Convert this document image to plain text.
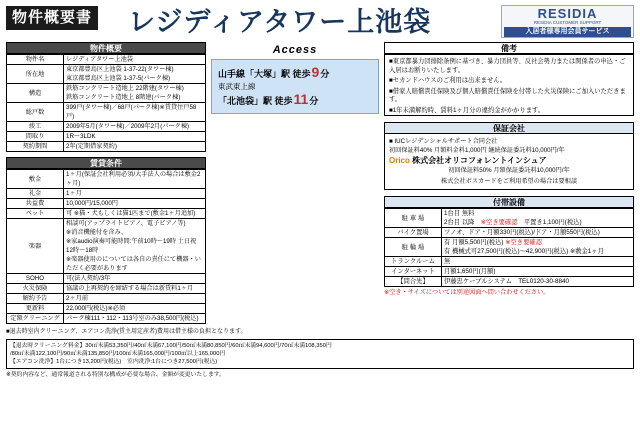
物件概要書 レジディアタワー上池袋	RESIDIA
RESIDIA CUSTOMER SUPPORT
入居者様専用会員サービス
物件概要
物件名	レジディアタワー上池袋
所在地	東京都豊島区上池袋 1-37-22(タワー棟)
東京都豊島区上池袋 1-37-5(パーク棟)
構造	鉄筋コンクリート造地上 22階建(タワー棟)
鉄筋コンクリート造地上 8階建(パーク棟)
総戸数	399戸(タワー棟)／68戸(パーク棟)※賃貸住戸58戸)
竣工	2009年5月(タワー棟)／2009年2月(パーク棟)
間取り	1R～3LDK
契約期間	2年(定期借家契約)
賃貸条件
敷金	1ヶ月(保証会社利用必須/大手法人の場合は敷金2ヶ月)
礼金	1ヶ月
共益費	10,000円/15,000円
ペット	可 ※猫・犬もしくは猫1匹まで(敷金1ヶ月追加)
楽器	相談可(アップライトピアノ、電子ピアノ等)
※消音機能付を含み、
※家audio演奏可能時間:午前10時～19時 土日祝12時～18時
※楽器使用のについては各自の責任にて機器・いただく必要があります
SOHO	可(法人契約/3年
火災保険	協議の上再契約を締結する場合は新賃料1ヶ月
解約予告	2ヶ月前
更新料	22,000円(税込)※必須
定額クリーニング	パーク棟111・112・113号室のみ38,500円(税込)
Access
山手線「大塚」駅 徒歩9分
東武東上線
「北池袋」駅 徒歩11分
備考

■東京都暴力団排除条例に基づき、暴力団員等、反社会勢力または関係者の申込・ご入居はお断りいたします。

■セカンドハウスのご利用は出来ません。

■借家人賠償責任保険及び個人賠償責任保険を付帯した火災保険にご加入いただきます。

■1年未満解約時、賃料1ヶ月分の違約金がかかります。

保証会社
■ IUCレジデンシャルサポート合同会社
初回保証料40% 月額料金料1,000円 継続保証委託料10,000円/年
Orico 株式会社オリコフォレントインシュア
初回保証料50% 月額保証委託料10,000円/年
株式会社ボスカードをご利用希望の場合は要相談
付帯設備
駐 車 場	1台目 無料
2台目 以降　※空き要確認　平置き1,100円(税込)
バイク置場	ツノオ、ドア・月額330円(税込)/ドア・月額550円(税込)
駐 輪 場	有 月額5,500円(税込) ※空き要確認
有 機械式可27,500円(税込)～42,900円(税込) ※敷金1ヶ月
トランクルーム	無
インターネット	月額1,650円(月額)
【問合先】	伊藤忠ケーブルシステム　TEL0120-30-8840
※空き・サイズについては別途図面へ問い合わせください。

■退去時室内クリーニング、エアコン洗浄(賃主用定産者)費用は借主様の負担となります。

【退去時クリーニング料金】30㎡未満53,350円/40㎡未満67,100円/50㎡未満80,850円/60㎡未満94,600円/70㎡未満108,350円

/80㎡未満122,100円/90㎡未満135,850円/100㎡未満165,000円/100㎡以上165,000円

【エアコン洗浄】1台につき13,200円(税込)　室内洗浄:1台につき27,500円(税込)

※契約内容など、通常報道される特別な構成が必要な場合、金額が変更いたします。
